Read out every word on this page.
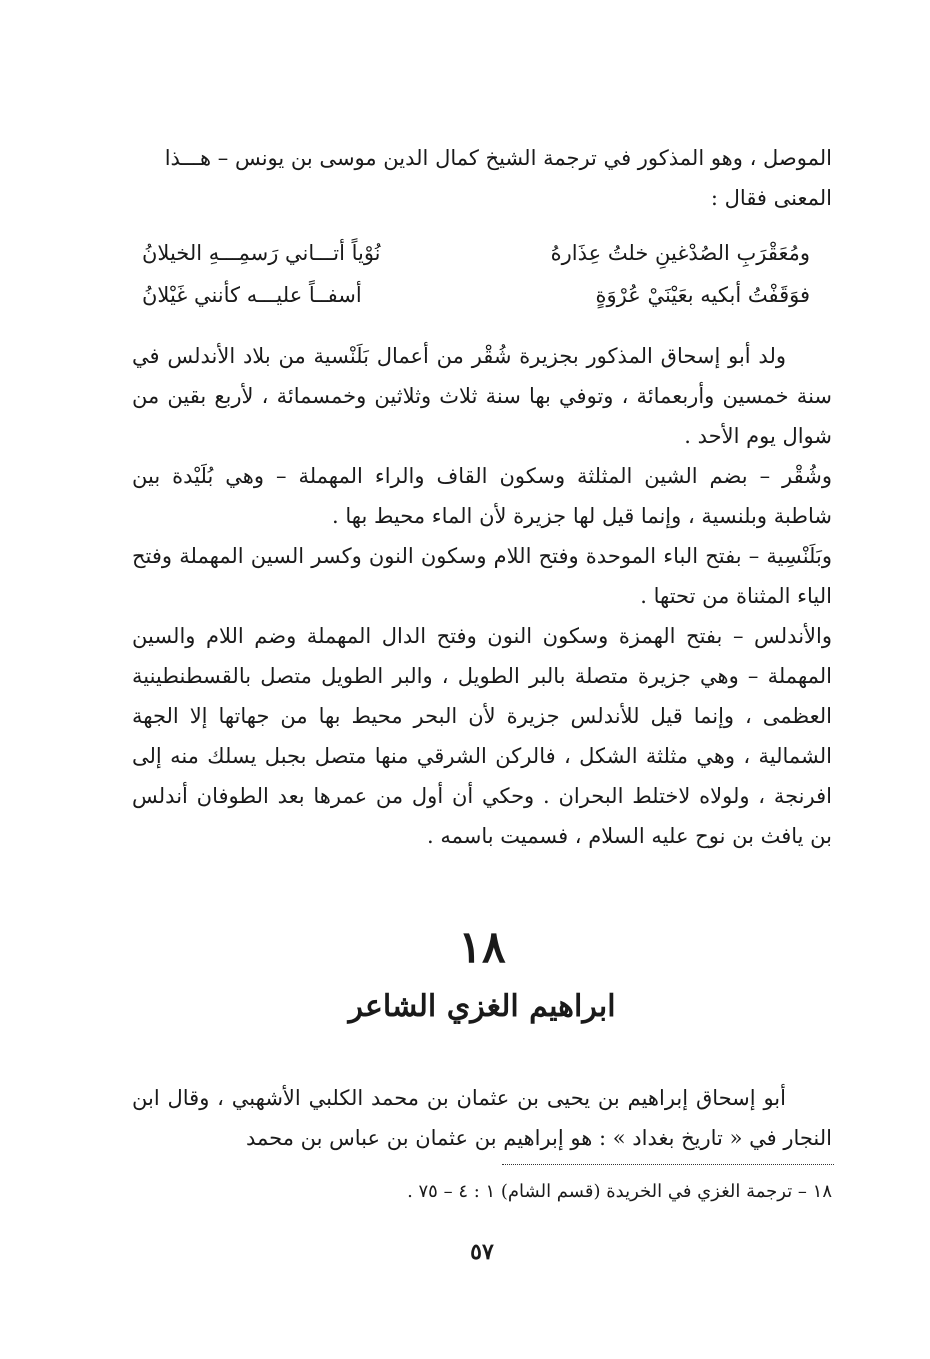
الموصل ، وهو المذكور في ترجمة الشيخ كمال الدين موسى بن يونس – هـــذا

المعنى فقال :

ومُعَقْرَبِ الصُدْغينِ خلتُ عِذَارهُ
نُوْياً أتـــاني رَسمِـــهِ الخيلانُ
فوَقَفْتُ أبكيه بعَيْنَيْ عُرْوَةٍ
أسفــاً عليـــه كأنني غَيْلانُ

ولد أبو إسحاق المذكور بجزيرة شُقْر من أعمال بَلَنْسية من بلاد الأندلس في سنة خمسين وأربعمائة ، وتوفي بها سنة ثلاث وثلاثين وخمسمائة ، لأربع بقين من شوال يوم الأحد .

وشُقْر – بضم الشين المثلثة وسكون القاف والراء المهملة – وهي بُلَيْدة بين شاطبة وبلنسية ، وإنما قيل لها جزيرة لأن الماء محيط بها .

وبَلَنْسِية – بفتح الباء الموحدة وفتح اللام وسكون النون وكسر السين المهملة وفتح الياء المثناة من تحتها .

والأندلس – بفتح الهمزة وسكون النون وفتح الدال المهملة وضم اللام والسين المهملة – وهي جزيرة متصلة بالبر الطويل ، والبر الطويل متصل بالقسطنطينية العظمى ، وإنما قيل للأندلس جزيرة لأن البحر محيط بها من جهاتها إلا الجهة الشمالية ، وهي مثلثة الشكل ، فالركن الشرقي منها متصل بجبل يسلك منه إلى افرنجة ، ولولاه لاختلط البحران . وحكي أن أول من عمرها بعد الطوفان أندلس بن يافث بن نوح عليه السلام ، فسميت باسمه .

١٨
ابراهيم الغزي الشاعر

أبو إسحاق إبراهيم بن يحيى بن عثمان بن محمد الكلبي الأشهبي ، وقال ابن النجار في « تاريخ بغداد » : هو إبراهيم بن عثمان بن عباس بن محمد

١٨ – ترجمة الغزي في الخريدة (قسم الشام) ١ : ٤ – ٧٥ .
٥٧
